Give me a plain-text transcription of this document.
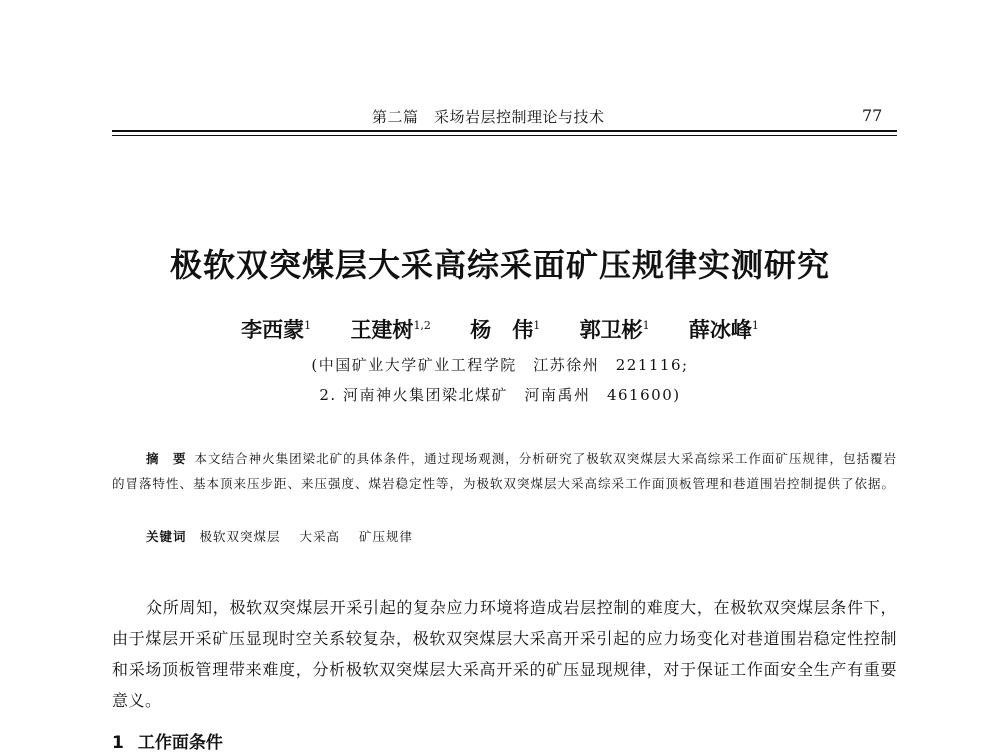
第二篇　采场岩层控制理论与技术	77
极软双突煤层大采高综采面矿压规律实测研究
李西蒙$^1$ 王建树$^{1,2}$ 杨　伟$^1$ 郭卫彬$^1$ 薛冰峰$^1$
(中国矿业大学矿业工程学院　江苏徐州　221116;
2. 河南神火集团梁北煤矿　河南禹州　461600)
摘　要 本文结合神火集团梁北矿的具体条件，通过现场观测，分析研究了极软双突煤层大采高综采工作面矿压规律，包括覆岩的冒落特性、基本顶来压步距、来压强度、煤岩稳定性等，为极软双突煤层大采高综采工作面顶板管理和巷道围岩控制提供了依据。
关键词 极软双突煤层 大采高 矿压规律
众所周知，极软双突煤层开采引起的复杂应力环境将造成岩层控制的难度大，在极软双突煤层条件下，由于煤层开采矿压显现时空关系较复杂，极软双突煤层大采高开采引起的应力场变化对巷道围岩稳定性控制和采场顶板管理带来难度，分析极软双突煤层大采高开采的矿压显现规律，对于保证工作面安全生产有重要意义。
1 工作面条件
